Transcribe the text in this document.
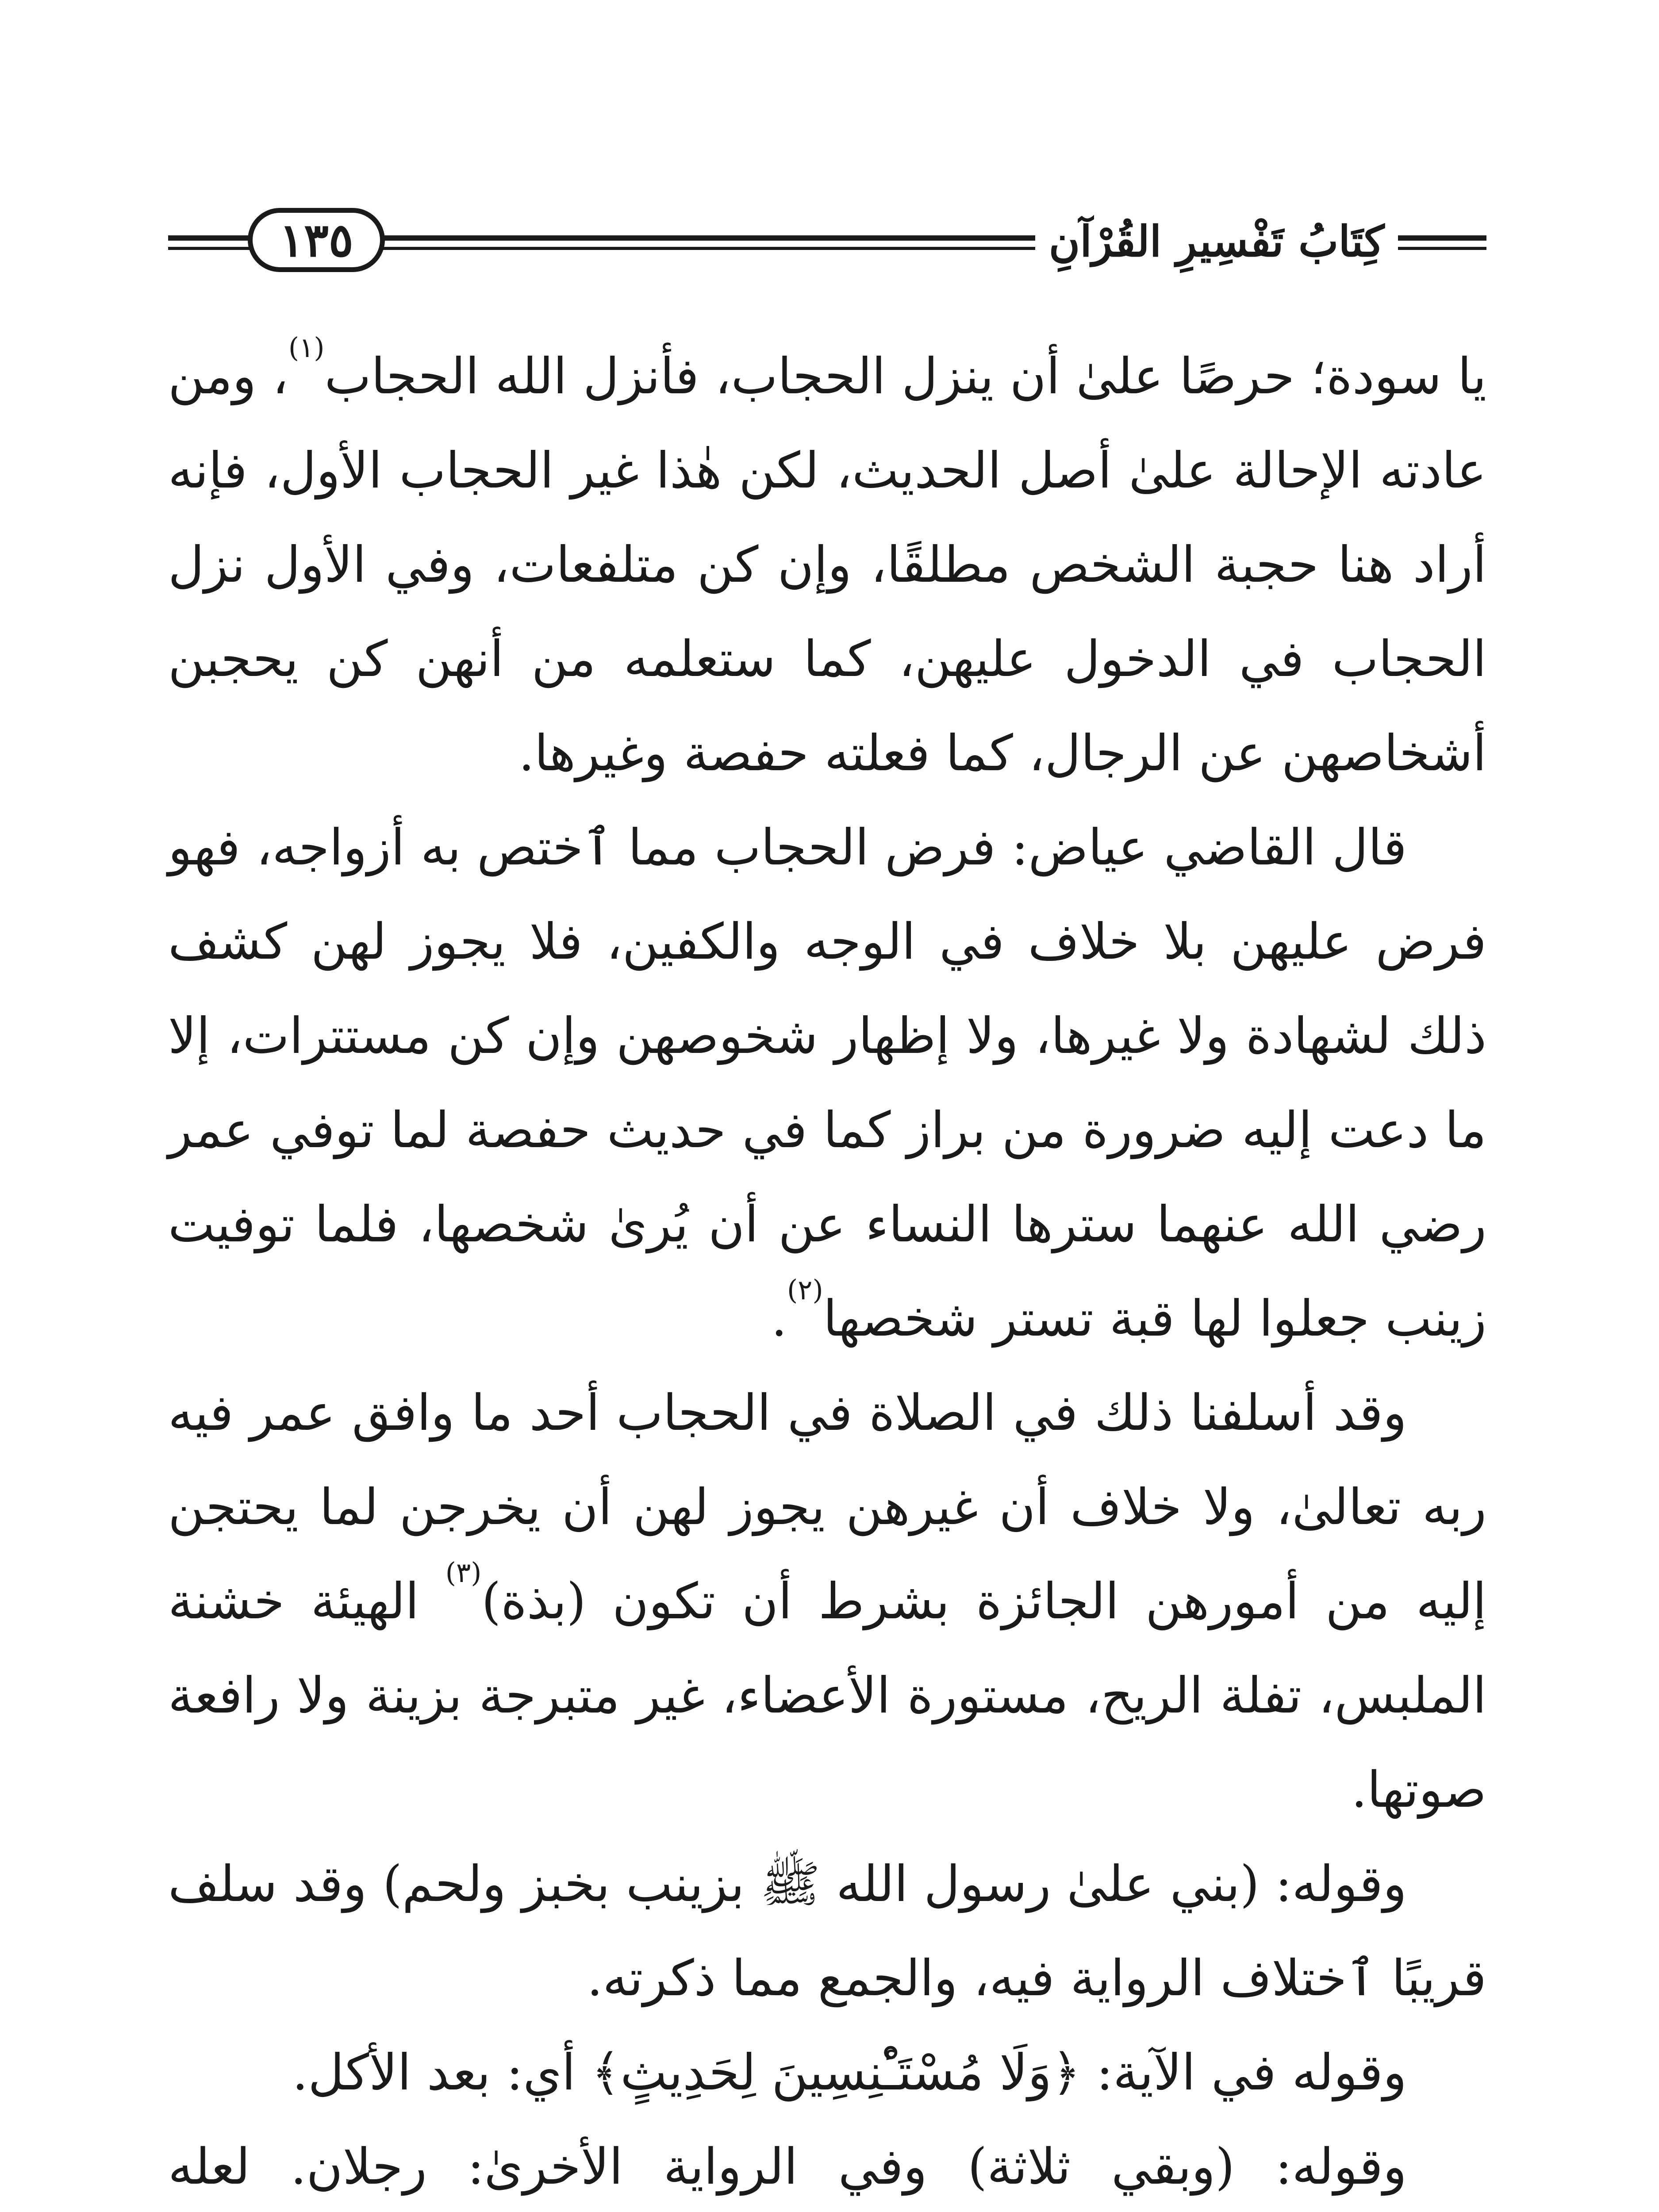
١٣٥	كِتَابُ تَفْسِيرِ القُرْآنِ

يا سودة؛ حرصًا علىٰ أن ينزل الحجاب، فأنزل الله الحجاب$^{(١)}$، ومن عادته الإحالة علىٰ أصل الحديث، لكن هٰذا غير الحجاب الأول، فإنه أراد هنا حجبة الشخص مطلقًا، وإن كن متلفعات، وفي الأول نزل الحجاب في الدخول عليهن، كما ستعلمه من أنهن كن يحجبن أشخاصهن عن الرجال، كما فعلته حفصة وغيرها.

قال القاضي عياض: فرض الحجاب مما ٱختص به أزواجه، فهو فرض عليهن بلا خلاف في الوجه والكفين، فلا يجوز لهن كشف ذلك لشهادة ولا غيرها، ولا إظهار شخوصهن وإن كن مستترات، إلا ما دعت إليه ضرورة من براز كما في حديث حفصة لما توفي عمر رضي الله عنهما سترها النساء عن أن يُرىٰ شخصها، فلما توفيت زينب جعلوا لها قبة تستر شخصها$^{(٢)}$.

وقد أسلفنا ذلك في الصلاة في الحجاب أحد ما وافق عمر فيه ربه تعالىٰ، ولا خلاف أن غيرهن يجوز لهن أن يخرجن لما يحتجن إليه من أمورهن الجائزة بشرط أن تكون (بذة)$^{(٣)}$ الهيئة خشنة الملبس، تفلة الريح، مستورة الأعضاء، غير متبرجة بزينة ولا رافعة صوتها.

وقوله: (بني علىٰ رسول الله ﷺ بزينب بخبز ولحم) وقد سلف قريبًا ٱختلاف الرواية فيه، والجمع مما ذكرته.

وقوله في الآية: ﴿وَلَا مُسْتَـْٔنِسِينَ لِحَدِيثٍ﴾ أي: بعد الأكل.

وقوله: (وبقي ثلاثة) وفي الرواية الأخرىٰ: رجلان. لعله
